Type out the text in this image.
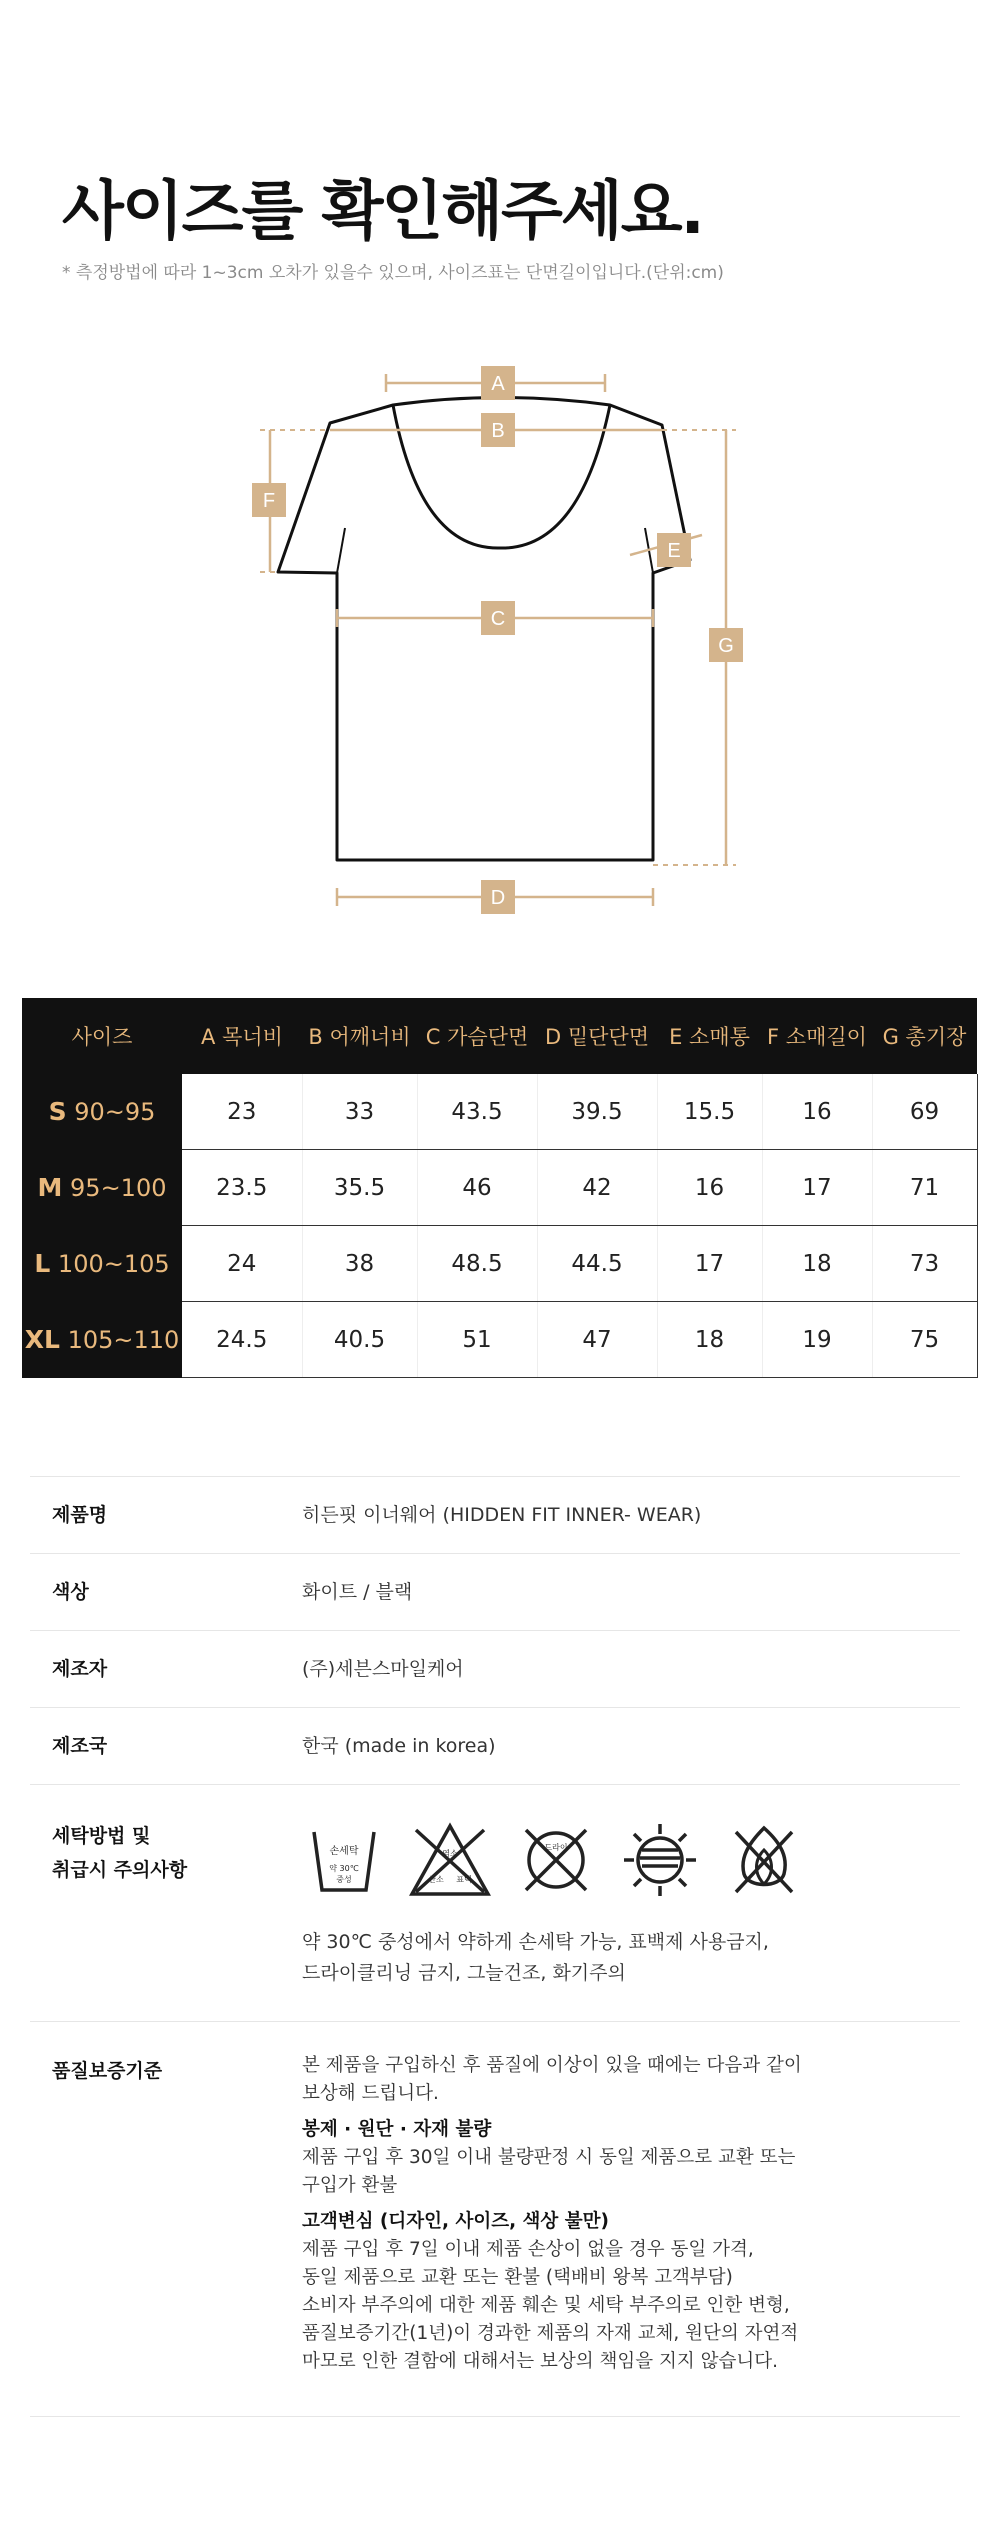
사이즈를 확인해주세요.
* 측정방법에 따라 1~3cm 오차가 있을수 있으며, 사이즈표는 단면길이입니다.(단위:cm)
A
B
C
D
E
F
G
사이즈	A 목너비	B 어깨너비	C 가슴단면	D 밑단단면	E 소매통	F 소매길이	G 총기장
S 90~95	23	33	43.5	39.5	15.5	16	69
M 95~100	23.5	35.5	46	42	16	17	71
L 100~105	24	38	48.5	44.5	17	18	73
XL 105~110	24.5	40.5	51	47	18	19	75
제품명	히든핏 이너웨어 (HIDDEN FIT INNER- WEAR)
색상	화이트 / 블랙
제조자	(주)세븐스마일케어
제조국	한국 (made in korea)
세탁방법 및
취급시 주의사항
손세탁
약 30℃
중성
염소
산소 표백
드라이
약 30℃ 중성에서 약하게 손세탁 가능, 표백제 사용금지,
드라이클리닝 금지, 그늘건조, 화기주의
품질보증기준	본 제품을 구입하신 후 품질에 이상이 있을 때에는 다음과 같이

보상해 드립니다.

봉제 · 원단 · 자재 불량

제품 구입 후 30일 이내 불량판정 시 동일 제품으로 교환 또는

구입가 환불

고객변심 (디자인, 사이즈, 색상 불만)

제품 구입 후 7일 이내 제품 손상이 없을 경우 동일 가격,

동일 제품으로 교환 또는 환불 (택배비 왕복 고객부담)

소비자 부주의에 대한 제품 훼손 및 세탁 부주의로 인한 변형,

품질보증기간(1년)이 경과한 제품의 자재 교체, 원단의 자연적

마모로 인한 결함에 대해서는 보상의 책임을 지지 않습니다.
